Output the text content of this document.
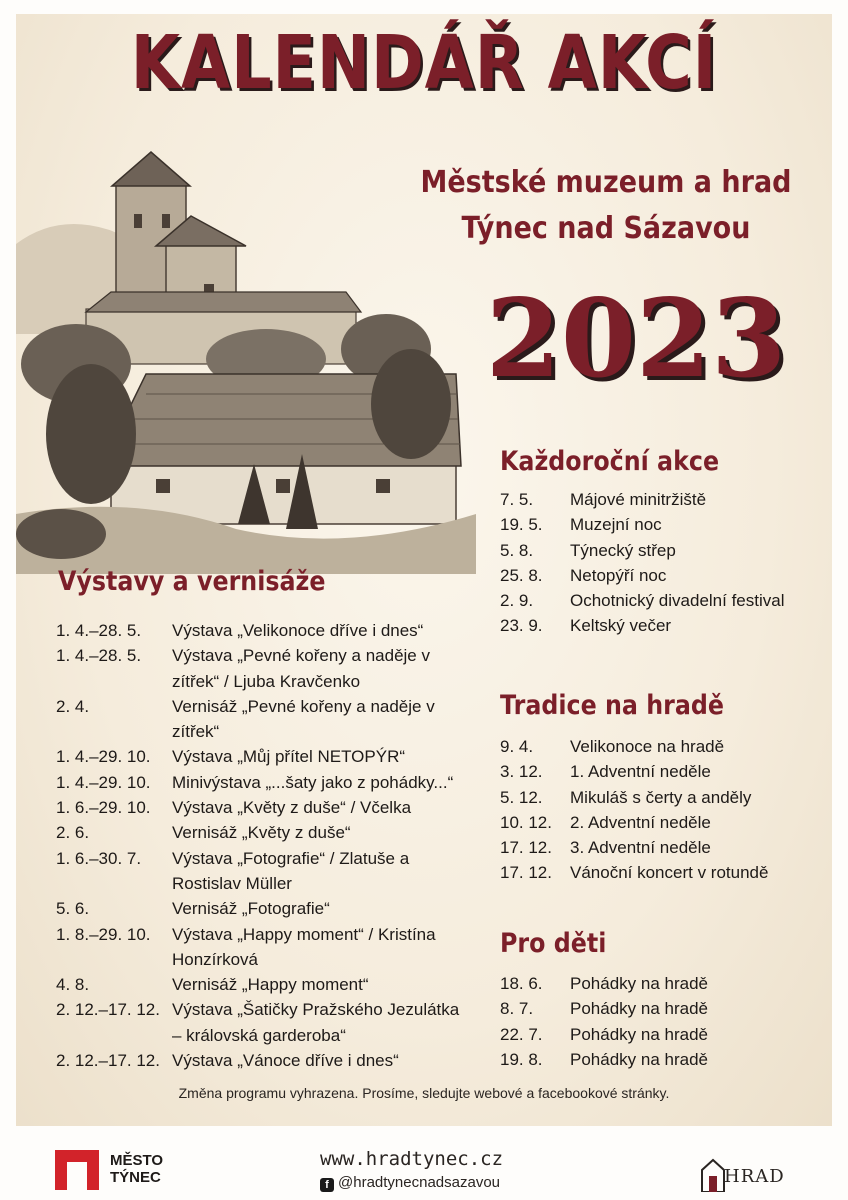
KALENDÁŘ AKCÍ
Městské muzeum a hrad
Týnec nad Sázavou
2023
Výstavy a vernisáže
1. 4.–28. 5.	Výstava „Velikonoce dříve i dnes“
1. 4.–28. 5.	Výstava „Pevné kořeny a naděje v zítřek“ / Ljuba Kravčenko
2. 4.	Vernisáž „Pevné kořeny a naděje v zítřek“
1. 4.–29. 10.	Výstava „Můj přítel NETOPÝR“
1. 4.–29. 10.	Minivýstava „...šaty jako z pohádky...“
1. 6.–29. 10.	Výstava „Květy z duše“ / Včelka
2. 6.	Vernisáž „Květy z duše“
1. 6.–30. 7.	Výstava „Fotografie“ / Zlatuše a Rostislav Müller
5. 6.	Vernisáž „Fotografie“
1. 8.–29. 10.	Výstava „Happy moment“ / Kristína Honzírková
4. 8.	Vernisáž „Happy moment“
2. 12.–17. 12. Výstava „Šatičky Pražského Jezulátka – královská garderoba“
2. 12.–17. 12. Výstava „Vánoce dříve i dnes“
Každoroční akce
7. 5.	Májové minitržiště
19. 5.	Muzejní noc
5. 8.	Týnecký střep
25. 8.	Netopýří noc
2. 9.	Ochotnický divadelní festival
23. 9.	Keltský večer
Tradice na hradě
9. 4.	Velikonoce na hradě
3. 12.	1. Adventní neděle
5. 12.	Mikuláš s čerty a anděly
10. 12.	2. Adventní neděle
17. 12.	3. Adventní neděle
17. 12.	Vánoční koncert v rotundě
Pro děti
18. 6.	Pohádky na hradě
8. 7.	Pohádky na hradě
22. 7.	Pohádky na hradě
19. 8.	Pohádky na hradě
Změna programu vyhrazena. Prosíme, sledujte webové a facebookové stránky.
MĚSTO
TÝNEC
www.hradtynec.cz
f @hradtynecnadsazavou	HRAD
